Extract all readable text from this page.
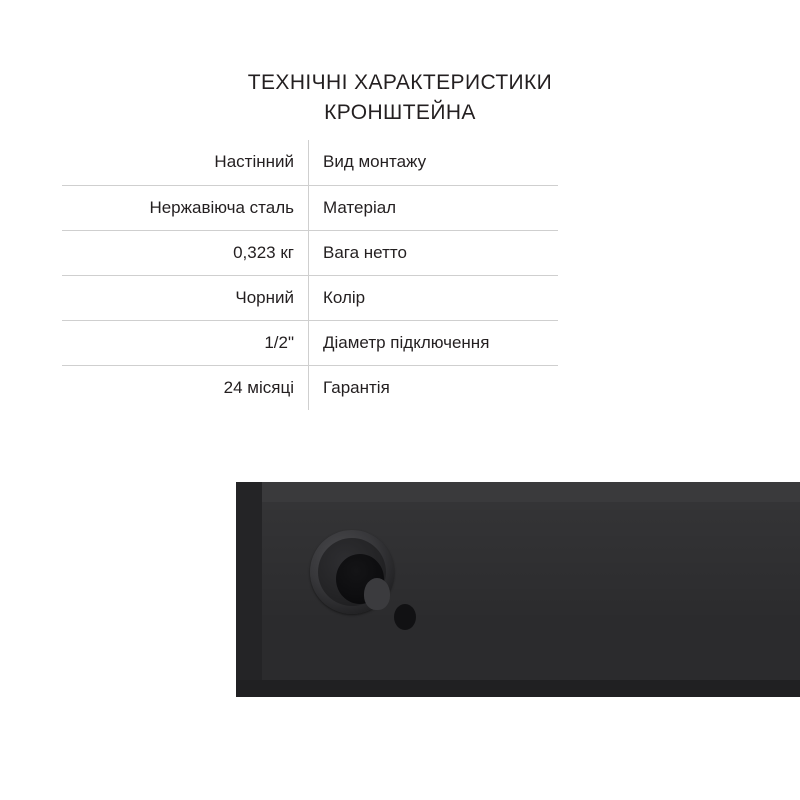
ТЕХНІЧНІ ХАРАКТЕРИСТИКИ
КРОНШТЕЙНА
Настінний	Вид монтажу
Нержавіюча сталь	Матеріал
0,323 кг	Вага нетто
Чорний	Колір
1/2"	Діаметр підключення
24 місяці	Гарантія
